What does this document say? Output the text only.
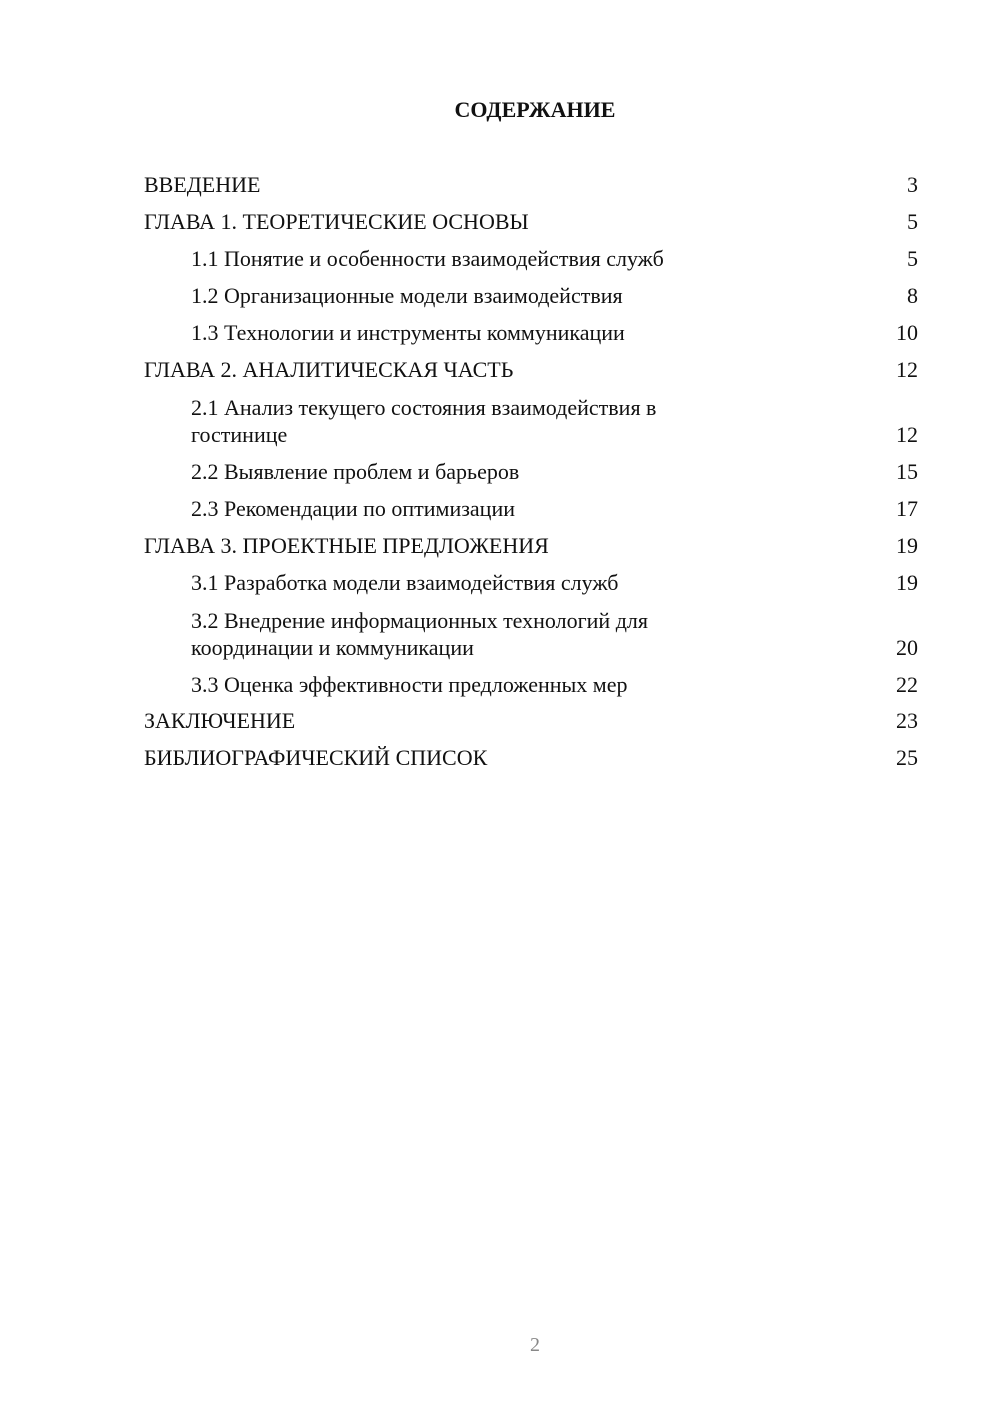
СОДЕРЖАНИЕ
ВВЕДЕНИЕ	3
ГЛАВА 1. ТЕОРЕТИЧЕСКИЕ ОСНОВЫ	5
1.1 Понятие и особенности взаимодействия служб	5
1.2 Организационные модели взаимодействия	8
1.3 Технологии и инструменты коммуникации	10
ГЛАВА 2. АНАЛИТИЧЕСКАЯ ЧАСТЬ	12
2.1 Анализ текущего состояния взаимодействия в гостинице	12
2.2 Выявление проблем и барьеров	15
2.3 Рекомендации по оптимизации	17
ГЛАВА 3. ПРОЕКТНЫЕ ПРЕДЛОЖЕНИЯ	19
3.1 Разработка модели взаимодействия служб	19
3.2 Внедрение информационных технологий для координации и коммуникации	20
3.3 Оценка эффективности предложенных мер	22
ЗАКЛЮЧЕНИЕ	23
БИБЛИОГРАФИЧЕСКИЙ СПИСОК	25
2
